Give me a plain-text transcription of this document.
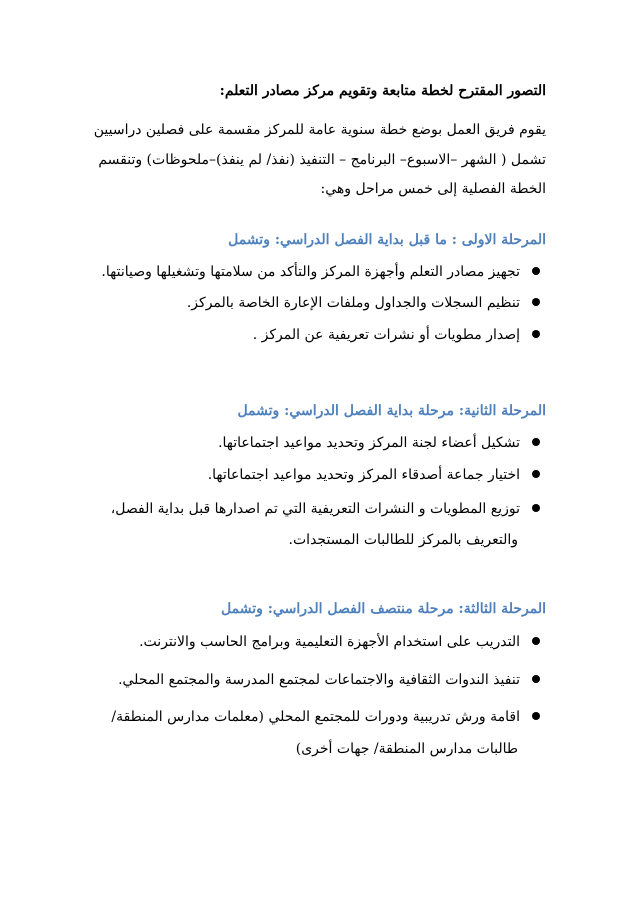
التصور المقترح لخطة متابعة وتقويم مركز مصادر التعلم:
يقوم فريق العمل بوضع خطة سنوية عامة للمركز مقسمة على فصلين دراسيين
تشمل ( الشهر –الاسبوع– البرنامج – التنفيذ (نفذ/ لم ينفذ)–ملحوظات) وتنقسم
الخطة الفصلية إلى خمس مراحل وهي:
المرحلة الاولى : ما قبل بداية الفصل الدراسي: وتشمل
تجهيز مصادر التعلم وأجهزة المركز والتأكد من سلامتها وتشغيلها وصيانتها.
تنظيم السجلات والجداول وملفات الإعارة الخاصة بالمركز.
إصدار مطويات أو نشرات تعريفية عن المركز .
المرحلة الثانية: مرحلة بداية الفصل الدراسي: وتشمل
تشكيل أعضاء لجنة المركز وتحديد مواعيد اجتماعاتها.
اختيار جماعة أصدقاء المركز وتحديد مواعيد اجتماعاتها.
توزيع المطويات و النشرات التعريفية التي تم اصدارها قبل بداية الفصل،
والتعريف بالمركز للطالبات المستجدات.
المرحلة الثالثة: مرحلة منتصف الفصل الدراسي: وتشمل
التدريب على استخدام الأجهزة التعليمية وبرامج الحاسب والانترنت.
تنفيذ الندوات الثقافية والاجتماعات لمجتمع المدرسة والمجتمع المحلي.
اقامة ورش تدريبية ودورات للمجتمع المحلي (معلمات مدارس المنطقة/
طالبات مدارس المنطقة/ جهات أخرى)
